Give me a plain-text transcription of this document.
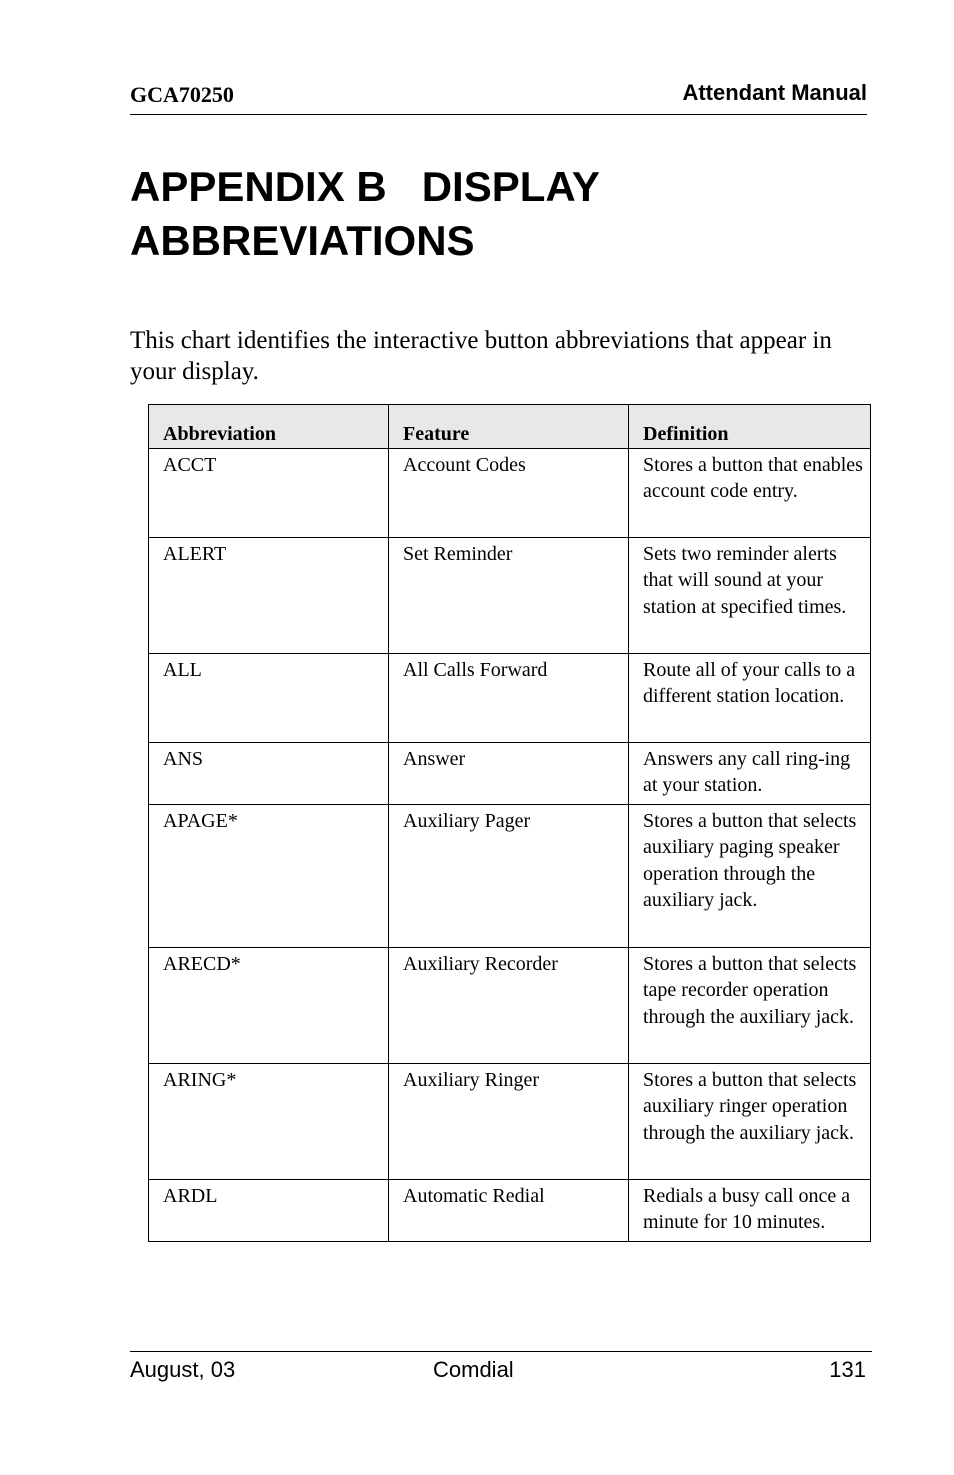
GCA70250	Attendant Manual
APPENDIX B   DISPLAY
ABBREVIATIONS

This chart identifies the interactive button abbreviations that appear in your display.

Abbreviation	Feature	Definition
ACCT	Account Codes	Stores a button that enables account code entry.
ALERT	Set Reminder	Sets two reminder alerts that will sound at your station at specified times.
ALL	All Calls Forward	Route all of your calls to a different station location.
ANS	Answer	Answers any call ring-ing at your station.
APAGE*	Auxiliary Pager	Stores a button that selects auxiliary paging speaker operation through the auxiliary jack.
ARECD*	Auxiliary Recorder	Stores a button that selects tape recorder operation through the auxiliary jack.
ARING*	Auxiliary Ringer	Stores a button that selects auxiliary ringer operation through the auxiliary jack.
ARDL	Automatic Redial	Redials a busy call once a minute for 10 minutes.
August, 03	Comdial	131
